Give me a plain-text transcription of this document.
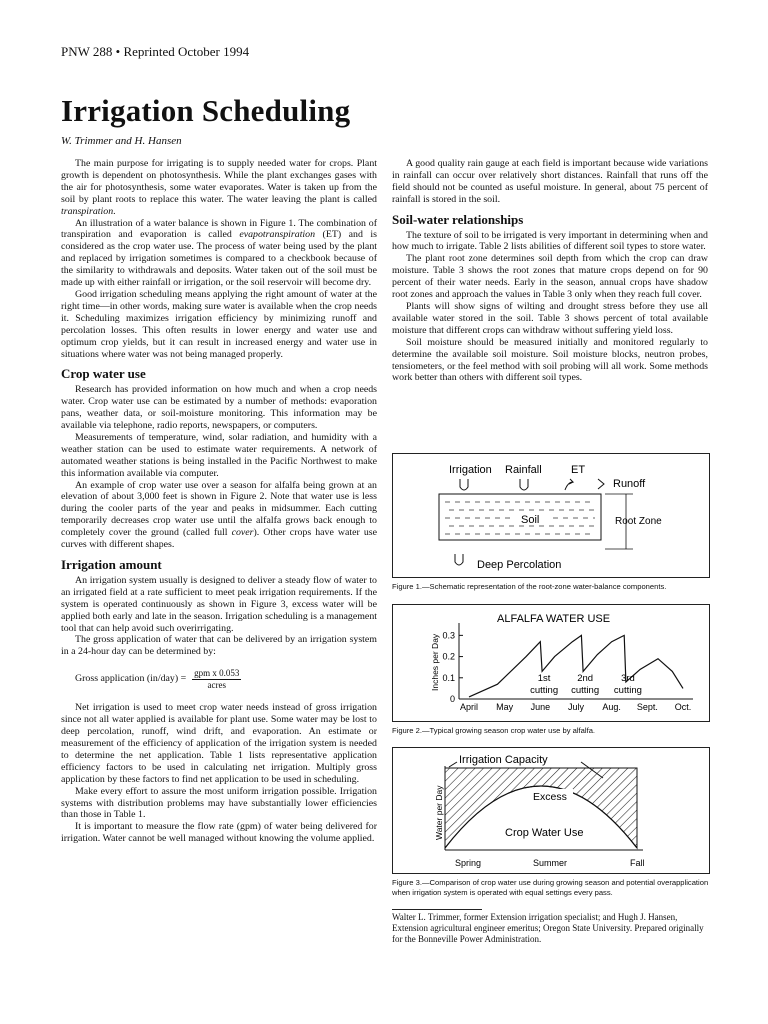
PNW 288 • Reprinted October 1994
Irrigation Scheduling
W. Trimmer and H. Hansen

The main purpose for irrigating is to supply needed water for crops. Plant growth is dependent on photosynthesis. While the plant exchanges gases with the air for photosynthesis, some water evaporates. Water is taken up from the soil by plant roots to replace this water. The water leaving the plant is called transpiration.

An illustration of a water balance is shown in Figure 1. The combination of transpiration and evaporation is called evapotranspiration (ET) and is considered as the crop water use. The process of water being used by the plant and replaced by irrigation sometimes is compared to a checkbook because of the similarity to withdrawals and deposits. Water taken out of the soil must be made up with either rainfall or irrigation, or the soil reservoir will become dry.

Good irrigation scheduling means applying the right amount of water at the right time—in other words, making sure water is available when the crop needs it. Scheduling maximizes irrigation efficiency by minimizing runoff and percolation losses. This often results in lower energy and water use and optimum crop yields, but it can result in increased energy and water use in situations where water was not being managed properly.

Crop water use

Research has provided information on how much and when a crop needs water. Crop water use can be estimated by a number of methods: evaporation pans, weather data, or soil-moisture monitoring. This information may be available via telephone, radio reports, newspapers, or computers.

Measurements of temperature, wind, solar radiation, and humidity with a weather station can be used to estimate water requirements. A network of automated weather stations is being installed in the Pacific Northwest to make this information available via computer.

An example of crop water use over a season for alfalfa being grown at an elevation of about 3,000 feet is shown in Figure 2. Note that water use is less during the cooler parts of the year and peaks in midsummer. Each cutting temporarily decreases crop water use until the alfalfa grows back enough to completely cover the ground (called full cover). Other crops have water use curves with different shapes.

Irrigation amount

An irrigation system usually is designed to deliver a steady flow of water to an irrigated field at a rate sufficient to meet peak irrigation requirements. If the system is operated continuously as shown in Figure 3, excess water will be applied both early and late in the season. Irrigation scheduling is a management tool that can help avoid such overirrigating.

The gross application of water that can be delivered by an irrigation system in a 24-hour day can be determined by:

Gross application $(in/day) = \frac{\text{gpm x 0.053}}{\text{acres}}$

Net irrigation is used to meet crop water needs instead of gross irrigation since not all water applied is available for plant use. Some water may be lost to deep percolation, runoff, wind drift, and evaporation. An estimate or measurement of the efficiency of application of the irrigation system is needed to determine the net application. Table 1 lists representative application efficiency factors to be used in calculating net irrigation. Multiply gross application by these factors to find net application to be used in scheduling.

Make every effort to assure the most uniform irrigation possible. Irrigation systems with distribution problems may have substantially lower efficiencies than those in Table 1.

It is important to measure the flow rate (gpm) of water being delivered for irrigation. Water cannot be well managed without knowing the volume applied.

A good quality rain gauge at each field is important because wide variations in rainfall can occur over relatively short distances. Rainfall that runs off the field should not be counted as useful moisture. In general, about 75 percent of rainfall is stored in the soil.

Soil-water relationships

The texture of soil to be irrigated is very important in determining when and how much to irrigate. Table 2 lists abilities of different soil types to store water.

The plant root zone determines soil depth from which the crop can draw moisture. Table 3 shows the root zones that mature crops depend on for 90 percent of their water needs. Early in the season, annual crops have shadow root zones and approach the values in Table 3 only when they reach full cover.

Plants will show signs of wilting and drought stress before they use all available water stored in the soil. Table 3 shows percent of total available moisture that different crops can withdraw without suffering yield loss.

Soil moisture should be measured initially and monitored regularly to determine the available soil moisture. Soil moisture blocks, neutron probes, tensiometers, or the feel method with soil probing will all work. Some methods work better than others with different soil types.

Irrigation Rainfall	ET
Runoff
Soil	Root Zone
Deep Percolation
Figure 1.—Schematic representation of the root-zone water-balance components.
ALFALFA WATER USE
Inches per Day
0
0.1
0.2
0.3
April May June July Aug. Sept. Oct.
1st
cutting
2nd
cutting
3rd
cutting
Figure 2.—Typical growing season crop water use by alfalfa.
Irrigation Capacity
Excess
Crop Water Use
Water per Day
Spring	Summer	Fall
Figure 3.—Comparison of crop water use during growing season and potential overapplication when irrigation system is operated with equal settings every pass.
Walter L. Trimmer, former Extension irrigation specialist; and Hugh J. Hansen, Extension agricultural engineer emeritus; Oregon State University. Prepared originally for the Bonneville Power Administration.
